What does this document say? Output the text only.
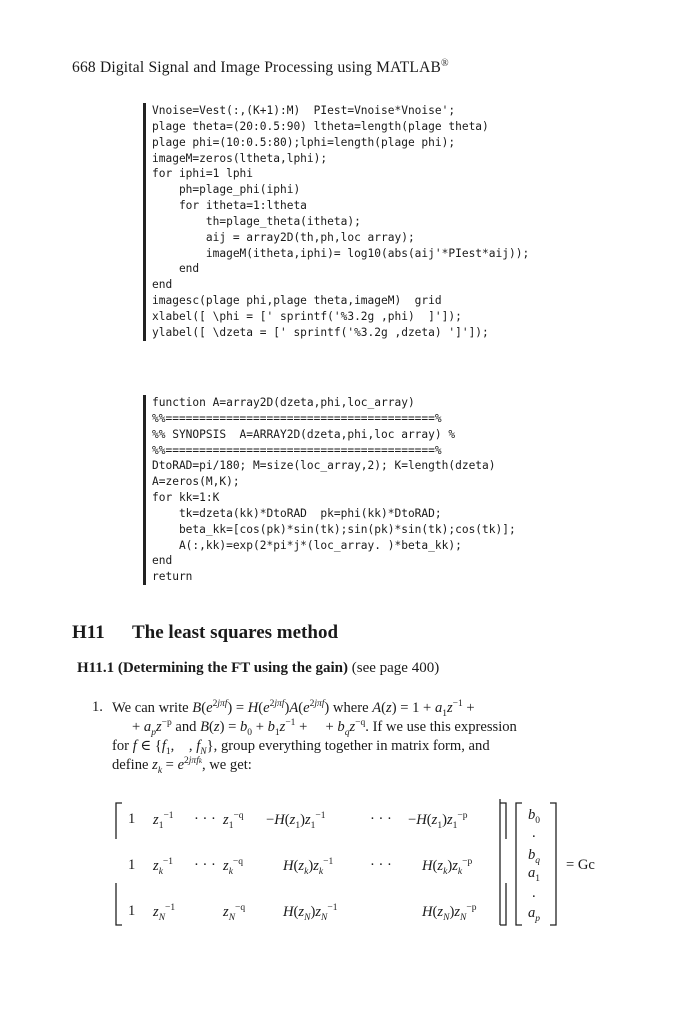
668 Digital Signal and Image Processing using MATLAB®
Vnoise=Vest(:,(K+1):M)  PIest=Vnoise*Vnoise';
plage theta=(20:0.5:90) ltheta=length(plage theta)
plage phi=(10:0.5:80);lphi=length(plage phi);
imageM=zeros(ltheta,lphi);
for iphi=1 lphi
ph=plage_phi(iphi)
for itheta=1:ltheta
th=plage_theta(itheta);
aij = array2D(th,ph,loc array);
imageM(itheta,iphi)= log10(abs(aij'*PIest*aij));
end
end
imagesc(plage phi,plage theta,imageM)  grid
xlabel([ \phi = [' sprintf('%3.2g ,phi)  ]']);
ylabel([ \dzeta = [' sprintf('%3.2g ,dzeta) ']']);
function A=array2D(dzeta,phi,loc_array)
%%========================================%
%% SYNOPSIS  A=ARRAY2D(dzeta,phi,loc array) %
%%========================================%
DtoRAD=pi/180; M=size(loc_array,2); K=length(dzeta)
A=zeros(M,K);
for kk=1:K
tk=dzeta(kk)*DtoRAD  pk=phi(kk)*DtoRAD;
beta_kk=[cos(pk)*sin(tk);sin(pk)*sin(tk);cos(tk)];
A(:,kk)=exp(2*pi*j*(loc_array. )*beta_kk);
end
return
H11 The least squares method
H11.1 (Determining the FT using the gain) (see page 400)
1. We can write $B(e^{2j\pi f}) = H(e^{2j\pi f})A(e^{2j\pi f})$ where $A(z) = 1 + a_1z^{-1}$ +
+ $a_pz^{-p}$ and $B(z) = b_0 + b_1z^{-1}$ +     + $b_qz^{-q}$. If we use this expression
for f ∈ {$f_1$,    , $f_N$}, group everything together in matrix form, and
define $z_k = e^{2j\pi fk}$, we get:
1 $z_1^{-1}$ · · · $z_1^{-q} -H(z_1)z_1^{-1}$	· · · $-H(z_1)z_1^{-p}$
1 $z_k^{-1}$ · · · $z_k^{-q}$	$H(z_k)z_k^{-1}$	· · · $H(z_k)z_k^{-p}$
1 $z_N^{-1}$	$z_N^{-q}$	$H(z_N)z_N^{-1}$	$H(z_N)z_N^{-p}$
$b_0$
.
$b_q$
$a_1$
.
$a_p$
= Gc
